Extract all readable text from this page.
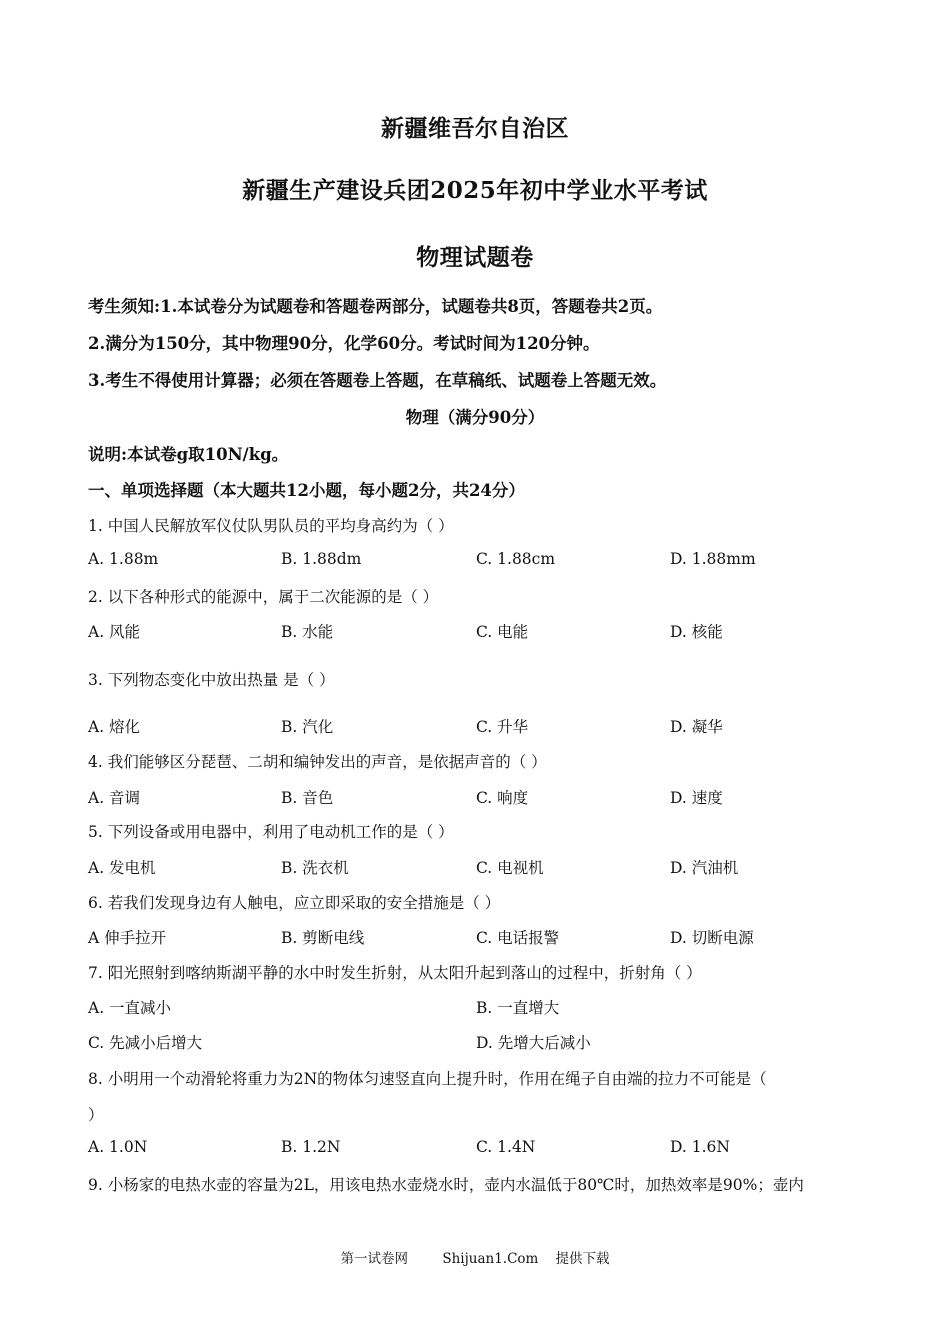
新疆维吾尔自治区
新疆生产建设兵团2025年初中学业水平考试
物理试题卷
考生须知:1.本试卷分为试题卷和答题卷两部分，试题卷共8页，答题卷共2页。
2.满分为150分，其中物理90分，化学60分。考试时间为120分钟。
3.考生不得使用计算器；必须在答题卷上答题，在草稿纸、试题卷上答题无效。
物理（满分90分）
说明:本试卷g取10N/kg。
一、单项选择题（本大题共12小题，每小题2分，共24分）
1. 中国人民解放军仪仗队男队员的平均身高约为（ ）
A. 1.88m	B. 1.88dm	C. 1.88cm	D. 1.88mm
2. 以下各种形式的能源中，属于二次能源的是（ ）
A. 风能	B. 水能	C. 电能	D. 核能
3. 下列物态变化中放出热量 是（ ）
A. 熔化	B. 汽化	C. 升华	D. 凝华
4. 我们能够区分琵琶、二胡和编钟发出的声音，是依据声音的（ ）
A. 音调	B. 音色	C. 响度	D. 速度
5. 下列设备或用电器中，利用了电动机工作的是（ ）
A. 发电机	B. 洗衣机	C. 电视机	D. 汽油机
6. 若我们发现身边有人触电，应立即采取的安全措施是（ ）
A 伸手拉开	B. 剪断电线	C. 电话报警	D. 切断电源
7. 阳光照射到喀纳斯湖平静的水中时发生折射，从太阳升起到落山的过程中，折射角（ ）
A. 一直减小	B. 一直增大
C. 先减小后增大	D. 先增大后减小
8. 小明用一个动滑轮将重力为2N的物体匀速竖直向上提升时，作用在绳子自由端的拉力不可能是（
）
A. 1.0N	B. 1.2N	C. 1.4N	D. 1.6N
9. 小杨家的电热水壶的容量为2L，用该电热水壶烧水时，壶内水温低于80℃时，加热效率是90%；壶内
第一试卷网        Shijuan1.Com    提供下载
